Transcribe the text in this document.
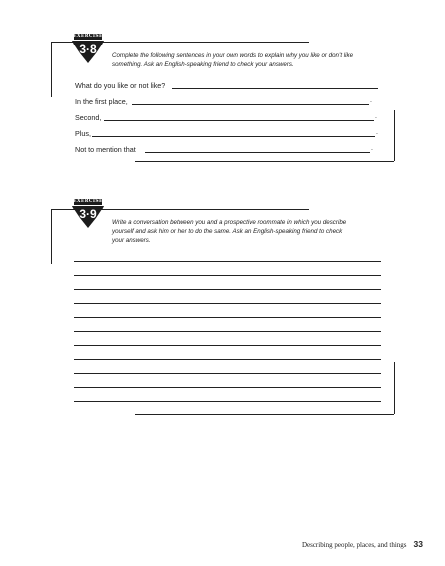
EXERCISE
3·8	Complete the following sentences in your own words to explain why you like or don’t like

something. Ask an English-speaking friend to check your answers.

What do you like or not like?
In the first place,	.
Second,	.
Plus,	.
Not to mention that	.
EXERCISE
3·9

Write a conversation between you and a prospective roommate in which you describe

yourself and ask him or her to do the same. Ask an English-speaking friend to check

your answers.

Describing people, places, and things 33
